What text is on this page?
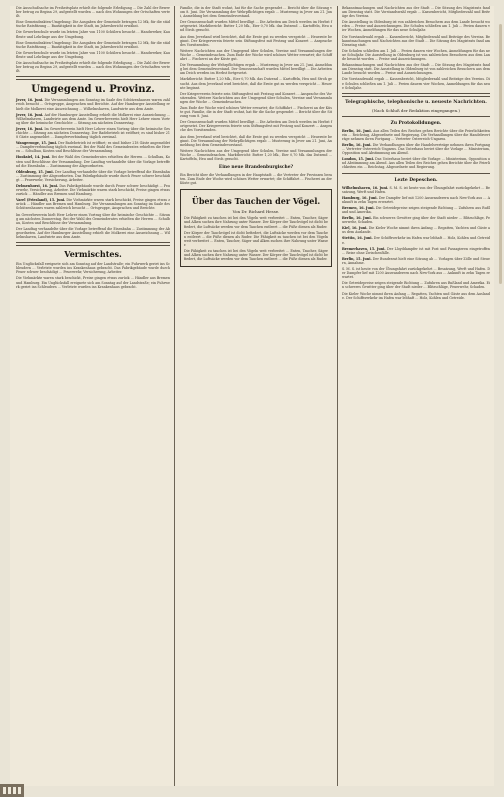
Die Ausschußsache im Freiheitsplatz erhielt die folgende Erledigung ... Die Zahl der Bewerber betrug zu Beginn 29, aufgestellt wurden ... nach den Wohnungen der Ortschaften verteilt.

Eine Gemeindeakten-Umgebung: Die Ausgaben der Gemeinde betragen 12 Mk, für die städtische Ratsfitzung ... Bautätigkeit in der Stadt, im Jahresbericht erwähnt.

Die Gewerbeschule wurde im letzten Jahre von 1100 Schülern besucht ... Handwerker, Kaufleute und Lehrlinge aus der Umgebung.

Eine Gemeindeakten-Umgebung: Die Ausgaben der Gemeinde betragen 12 Mk, für die städtische Ratsfitzung ... Bautätigkeit in der Stadt, im Jahresbericht erwähnt.

Die Gewerbeschule wurde im letzten Jahre von 1100 Schülern besucht ... Handwerker, Kaufleute und Lehrlinge aus der Umgebung.

Die Ausschußsache im Freiheitsplatz erhielt die folgende Erledigung ... Die Zahl der Bewerber betrug zu Beginn 29, aufgestellt wurden ... nach den Wohnungen der Ortschaften verteilt.

Umgegend u. Provinz.

Jever, 16. Juni. Die Versammlungen am Sonntag im Saale des Schützenhauses waren zahlreich besucht ... Ortsgruppe, Ansprachen und Berichte. Auf der Hamburger Ausstellung erhielt die Molkerei eine Auszeichnung ... Wilhelmshaven, Landwirte aus dem Amte.

Jever, 16. Juni. Auf der Hamburger Ausstellung erhielt die Molkerei eine Auszeichnung ... Wilhelmshaven, Landwirte aus dem Amte. Im Gewerbeverein hielt Herr Lehrer einen Vortrag über die heimische Geschichte ... Sitzung am nächsten Donnerstag.

Jever, 16. Juni. Im Gewerbeverein hielt Herr Lehrer einen Vortrag über die heimische Geschichte ... Sitzung am nächsten Donnerstag. Der Badebetrieb ist eröffnet; es sind bisher 218 Gäste angemeldet ... Dampferverbindung täglich zweimal.

Wangerooge, 15. Juni. Der Badebetrieb ist eröffnet; es sind bisher 218 Gäste angemeldet ... Dampferverbindung täglich zweimal. Bei der Wahl des Gemeinderates erhielten die Herren ... Schulbau, Kosten und Beschlüsse der Versammlung.

Hooksiel, 14. Juni. Bei der Wahl des Gemeinderates erhielten die Herren ... Schulbau, Kosten und Beschlüsse der Versammlung. Der Landtag verhandelte über die Vorlage betreffend die Eisenbahn ... Zustimmung der Abgeordneten.

Oldenburg, 15. Juni. Der Landtag verhandelte über die Vorlage betreffend die Eisenbahn ... Zustimmung der Abgeordneten. Das Fabrikgebäude wurde durch Feuer schwer beschädigt ... Feuerwehr, Versicherung, Arbeiter.

Delmenhorst, 16. Juni. Das Fabrikgebäude wurde durch Feuer schwer beschädigt ... Feuerwehr, Versicherung, Arbeiter. Die Viehmärkte waren stark beschickt, Preise gingen etwas zurück ... Händler aus Bremen und Hamburg.

Varel (Friesland), 15. Juni. Die Viehmärkte waren stark beschickt, Preise gingen etwas zurück ... Händler aus Bremen und Hamburg. Die Versammlungen am Sonntag im Saale des Schützenhauses waren zahlreich besucht ... Ortsgruppe, Ansprachen und Berichte.

Im Gewerbeverein hielt Herr Lehrer einen Vortrag über die heimische Geschichte ... Sitzung am nächsten Donnerstag. Bei der Wahl des Gemeinderates erhielten die Herren ... Schulbau, Kosten und Beschlüsse der Versammlung.

Der Landtag verhandelte über die Vorlage betreffend die Eisenbahn ... Zustimmung der Abgeordneten. Auf der Hamburger Ausstellung erhielt die Molkerei eine Auszeichnung ... Wilhelmshaven, Landwirte aus dem Amte.

Vermischtes.

Ein Unglücksfall ereignete sich am Sonntag auf der Landstraße; ein Fuhrwerk geriet ins Schleudern ... Verletzte wurden ins Krankenhaus gebracht. Das Fabrikgebäude wurde durch Feuer schwer beschädigt ... Feuerwehr, Versicherung, Arbeiter.

Die Viehmärkte waren stark beschickt, Preise gingen etwas zurück ... Händler aus Bremen und Hamburg. Ein Unglücksfall ereignete sich am Sonntag auf der Landstraße; ein Fuhrwerk geriet ins Schleudern ... Verletzte wurden ins Krankenhaus gebracht.

Familie, die in der Stadt wohnt, hat für die Sache gespendet ... Bericht über die Sitzung vom 8. Juni. Die Versammlung der Wehrpflichtigen ergab ... Musterung in Jever am 21. Juni, Anmeldung bei dem Gemeindevorstand.

Der Genossenschaft wurden Mittel bewilligt ... Die Arbeiten am Deich werden im Herbst fortgesetzt. Marktbericht: Butter 1,20 Mk., Eier 0,70 Mk. das Dutzend ... Kartoffeln, Heu und Stroh gesucht.

Aus dem Jeverland wird berichtet, daß die Ernte gut zu werden verspricht ... Heuernte beginnt. Der Kriegerverein feierte sein Stiftungsfest mit Festzug und Konzert ... Ansprache des Vorsitzenden.

Weitere Nachrichten aus der Umgegend über Schulen, Vereine und Versammlungen der Woche ... Gemeindesachen. Zum Ende der Woche wird schönes Wetter erwartet; die Schiffahrt ... Fischerei an der Küste gut.

Die Versammlung der Wehrpflichtigen ergab ... Musterung in Jever am 21. Juni, Anmeldung bei dem Gemeindevorstand. Der Genossenschaft wurden Mittel bewilligt ... Die Arbeiten am Deich werden im Herbst fortgesetzt.

Marktbericht: Butter 1,20 Mk., Eier 0,70 Mk. das Dutzend ... Kartoffeln, Heu und Stroh gesucht. Aus dem Jeverland wird berichtet, daß die Ernte gut zu werden verspricht ... Heuernte beginnt.

Der Kriegerverein feierte sein Stiftungsfest mit Festzug und Konzert ... Ansprache des Vorsitzenden. Weitere Nachrichten aus der Umgegend über Schulen, Vereine und Versammlungen der Woche ... Gemeindesachen.

Zum Ende der Woche wird schönes Wetter erwartet; die Schiffahrt ... Fischerei an der Küste gut. Familie, die in der Stadt wohnt, hat für die Sache gespendet ... Bericht über die Sitzung vom 8. Juni.

Der Genossenschaft wurden Mittel bewilligt ... Die Arbeiten am Deich werden im Herbst fortgesetzt. Der Kriegerverein feierte sein Stiftungsfest mit Festzug und Konzert ... Ansprache des Vorsitzenden.

Aus dem Jeverland wird berichtet, daß die Ernte gut zu werden verspricht ... Heuernte beginnt. Die Versammlung der Wehrpflichtigen ergab ... Musterung in Jever am 21. Juni, Anmeldung bei dem Gemeindevorstand.

Weitere Nachrichten aus der Umgegend über Schulen, Vereine und Versammlungen der Woche ... Gemeindesachen. Marktbericht: Butter 1,20 Mk., Eier 0,70 Mk. das Dutzend ... Kartoffeln, Heu und Stroh gesucht.

Eine neue Brandenburgische?

Ein Bericht über die Verhandlungen in der Hauptstadt ... die Vertreter der Provinzen beraten. Zum Ende der Woche wird schönes Wetter erwartet; die Schiffahrt ... Fischerei an der Küste gut.

Über das Tauchen der Vögel.
Von Dr. Richard Hesse.

Die Fähigkeit zu tauchen ist bei den Vögeln weit verbreitet ... Enten, Taucher, Säger und Alken suchen ihre Nahrung unter Wasser. Der Körper der Tauchvögel ist dicht befiedert, die Luftsäcke werden vor dem Tauchen entleert ... die Füße dienen als Ruder.

Der Körper der Tauchvögel ist dicht befiedert, die Luftsäcke werden vor dem Tauchen entleert ... die Füße dienen als Ruder. Die Fähigkeit zu tauchen ist bei den Vögeln weit verbreitet ... Enten, Taucher, Säger und Alken suchen ihre Nahrung unter Wasser.

Die Fähigkeit zu tauchen ist bei den Vögeln weit verbreitet ... Enten, Taucher, Säger und Alken suchen ihre Nahrung unter Wasser. Der Körper der Tauchvögel ist dicht befiedert, die Luftsäcke werden vor dem Tauchen entleert ... die Füße dienen als Ruder.

Bekanntmachungen und Nachrichten aus der Stadt ... Die Sitzung des Magistrats fand am Dienstag statt. Die Vorstandswahl ergab ... Kassenbericht, Mitgliederzahl und Beiträge des Vereins.

Die Ausstellung in Oldenburg ist von zahlreichen Besuchern aus dem Lande besucht worden ... Preise und Auszeichnungen. Die Schulen schließen am 1. Juli ... Ferien dauern vier Wochen, Anmeldungen für das neue Schuljahr.

Die Vorstandswahl ergab ... Kassenbericht, Mitgliederzahl und Beiträge des Vereins. Bekanntmachungen und Nachrichten aus der Stadt ... Die Sitzung des Magistrats fand am Dienstag statt.

Die Schulen schließen am 1. Juli ... Ferien dauern vier Wochen, Anmeldungen für das neue Schuljahr. Die Ausstellung in Oldenburg ist von zahlreichen Besuchern aus dem Lande besucht worden ... Preise und Auszeichnungen.

Bekanntmachungen und Nachrichten aus der Stadt ... Die Sitzung des Magistrats fand am Dienstag statt. Die Ausstellung in Oldenburg ist von zahlreichen Besuchern aus dem Lande besucht worden ... Preise und Auszeichnungen.

Die Vorstandswahl ergab ... Kassenbericht, Mitgliederzahl und Beiträge des Vereins. Die Schulen schließen am 1. Juli ... Ferien dauern vier Wochen, Anmeldungen für das neue Schuljahr.

Telegraphische, telephonische u. neueste Nachrichten.
(Nach Schluß der Redaktion eingegangen.)
Zu Protokolldungen.

Berlin, 16. Juni. Aus allen Teilen des Reiches gehen Berichte über die Feierlichkeiten ein ... Reichstag, Abgeordnete und Regierung. Die Verhandlungen über die Handelsverträge nehmen ihren Fortgang ... Vertreter Österreich-Ungarns.

Berlin, 16. Juni. Die Verhandlungen über die Handelsverträge nehmen ihren Fortgang ... Vertreter Österreich-Ungarns. Das Unterhaus beriet über die Vorlage ... Ministerium, Opposition und Abstimmung am Abend.

London, 15. Juni. Das Unterhaus beriet über die Vorlage ... Ministerium, Opposition und Abstimmung am Abend. Aus allen Teilen des Reiches gehen Berichte über die Feierlichkeiten ein ... Reichstag, Abgeordnete und Regierung.

Lezte Depeschen.

Wilhelmshaven, 16. Juni. S. M. S. ist heute von der Übungsfahrt zurückgekehrt ... Besatzung, Werft und Hafen.

Hamburg, 16. Juni. Der Dampfer lief mit 1200 Auswanderern nach New-York aus ... Ankunft in zehn Tagen erwartet.

Bremen, 16. Juni. Die Getreidepreise zeigen steigende Richtung ... Zufuhren aus Rußland und Amerika.

Berlin, 16. Juni. Ein schweres Gewitter ging über der Stadt nieder ... Blitzschläge, Feuerwehr, Schaden.

Kiel, 16. Juni. Die Kieler Woche nimmt ihren Anfang ... Regatten, Yachten und Gäste aus dem Auslande.

Stettin, 16. Juni. Der Schiffsverkehr im Hafen war lebhaft ... Holz, Kohlen und Getreide.

Bremerhaven, 15. Juni. Der Lloyddampfer ist mit Post und Passagieren eingetroffen ... Reise ohne Zwischenfälle.

Berlin, 15. Juni. Der Bundesrat hielt eine Sitzung ab ... Vorlagen über Zölle und Steuern, Annahme.

S. M. S. ist heute von der Übungsfahrt zurückgekehrt ... Besatzung, Werft und Hafen. Der Dampfer lief mit 1200 Auswanderern nach New-York aus ... Ankunft in zehn Tagen erwartet.

Die Getreidepreise zeigen steigende Richtung ... Zufuhren aus Rußland und Amerika. Ein schweres Gewitter ging über der Stadt nieder ... Blitzschläge, Feuerwehr, Schaden.

Die Kieler Woche nimmt ihren Anfang ... Regatten, Yachten und Gäste aus dem Auslande. Der Schiffsverkehr im Hafen war lebhaft ... Holz, Kohlen und Getreide.
